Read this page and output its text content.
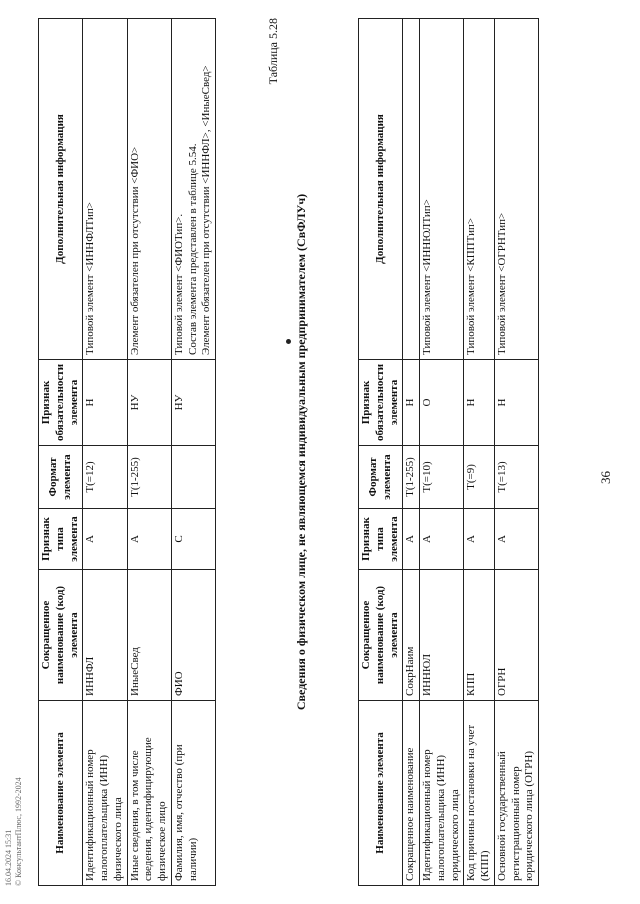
16.04.2024 15:31 © КонсультантПлюс, 1992-2024
36
Наименование элемента	Сокращенное наименование (код) элемента	Признак типа элемента	Формат элемента	Признак обязательности элемента	Дополнительная информация
Сокращенное наименование	СокрНаим	А	Т(1-255)	Н	
Идентификационный номер налогоплательщика (ИНН) юридического лица	ИННЮЛ	А	Т(=10)	О	Типовой элемент <ИННЮЛТип>
Код причины постановки на учет (КПП)	КПП	А	Т(=9)	Н	Типовой элемент <КППТип>
Основной государственный регистрационный номер юридического лица (ОГРН)	ОГРН	А	Т(=13)	Н	Типовой элемент <ОГРНТип>
Таблица 5.28
Сведения о физическом лице, не являющемся индивидуальным предпринимателем (СвФЛУч)
Наименование элемента	Сокращенное наименование (код) элемента	Признак типа элемента	Формат элемента	Признак обязательности элемента	Дополнительная информация
Идентификационный номер налогоплательщика (ИНН) физического лица	ИННФЛ	А	Т(=12)	Н	Типовой элемент <ИННФЛТип>
Иные сведения, в том числе сведения, идентифицирующие физическое лицо	ИныеСвед	А	Т(1-255)	НУ	Элемент обязателен при отсутствии <ФИО>
Фамилия, имя, отчество (при наличии)	ФИО	С		НУ	Типовой элемент <ФИОТип>.
Состав элемента представлен в таблице 5.54.
Элемент обязателен при отсутствии <ИННФЛ>, <ИныеСвед>
